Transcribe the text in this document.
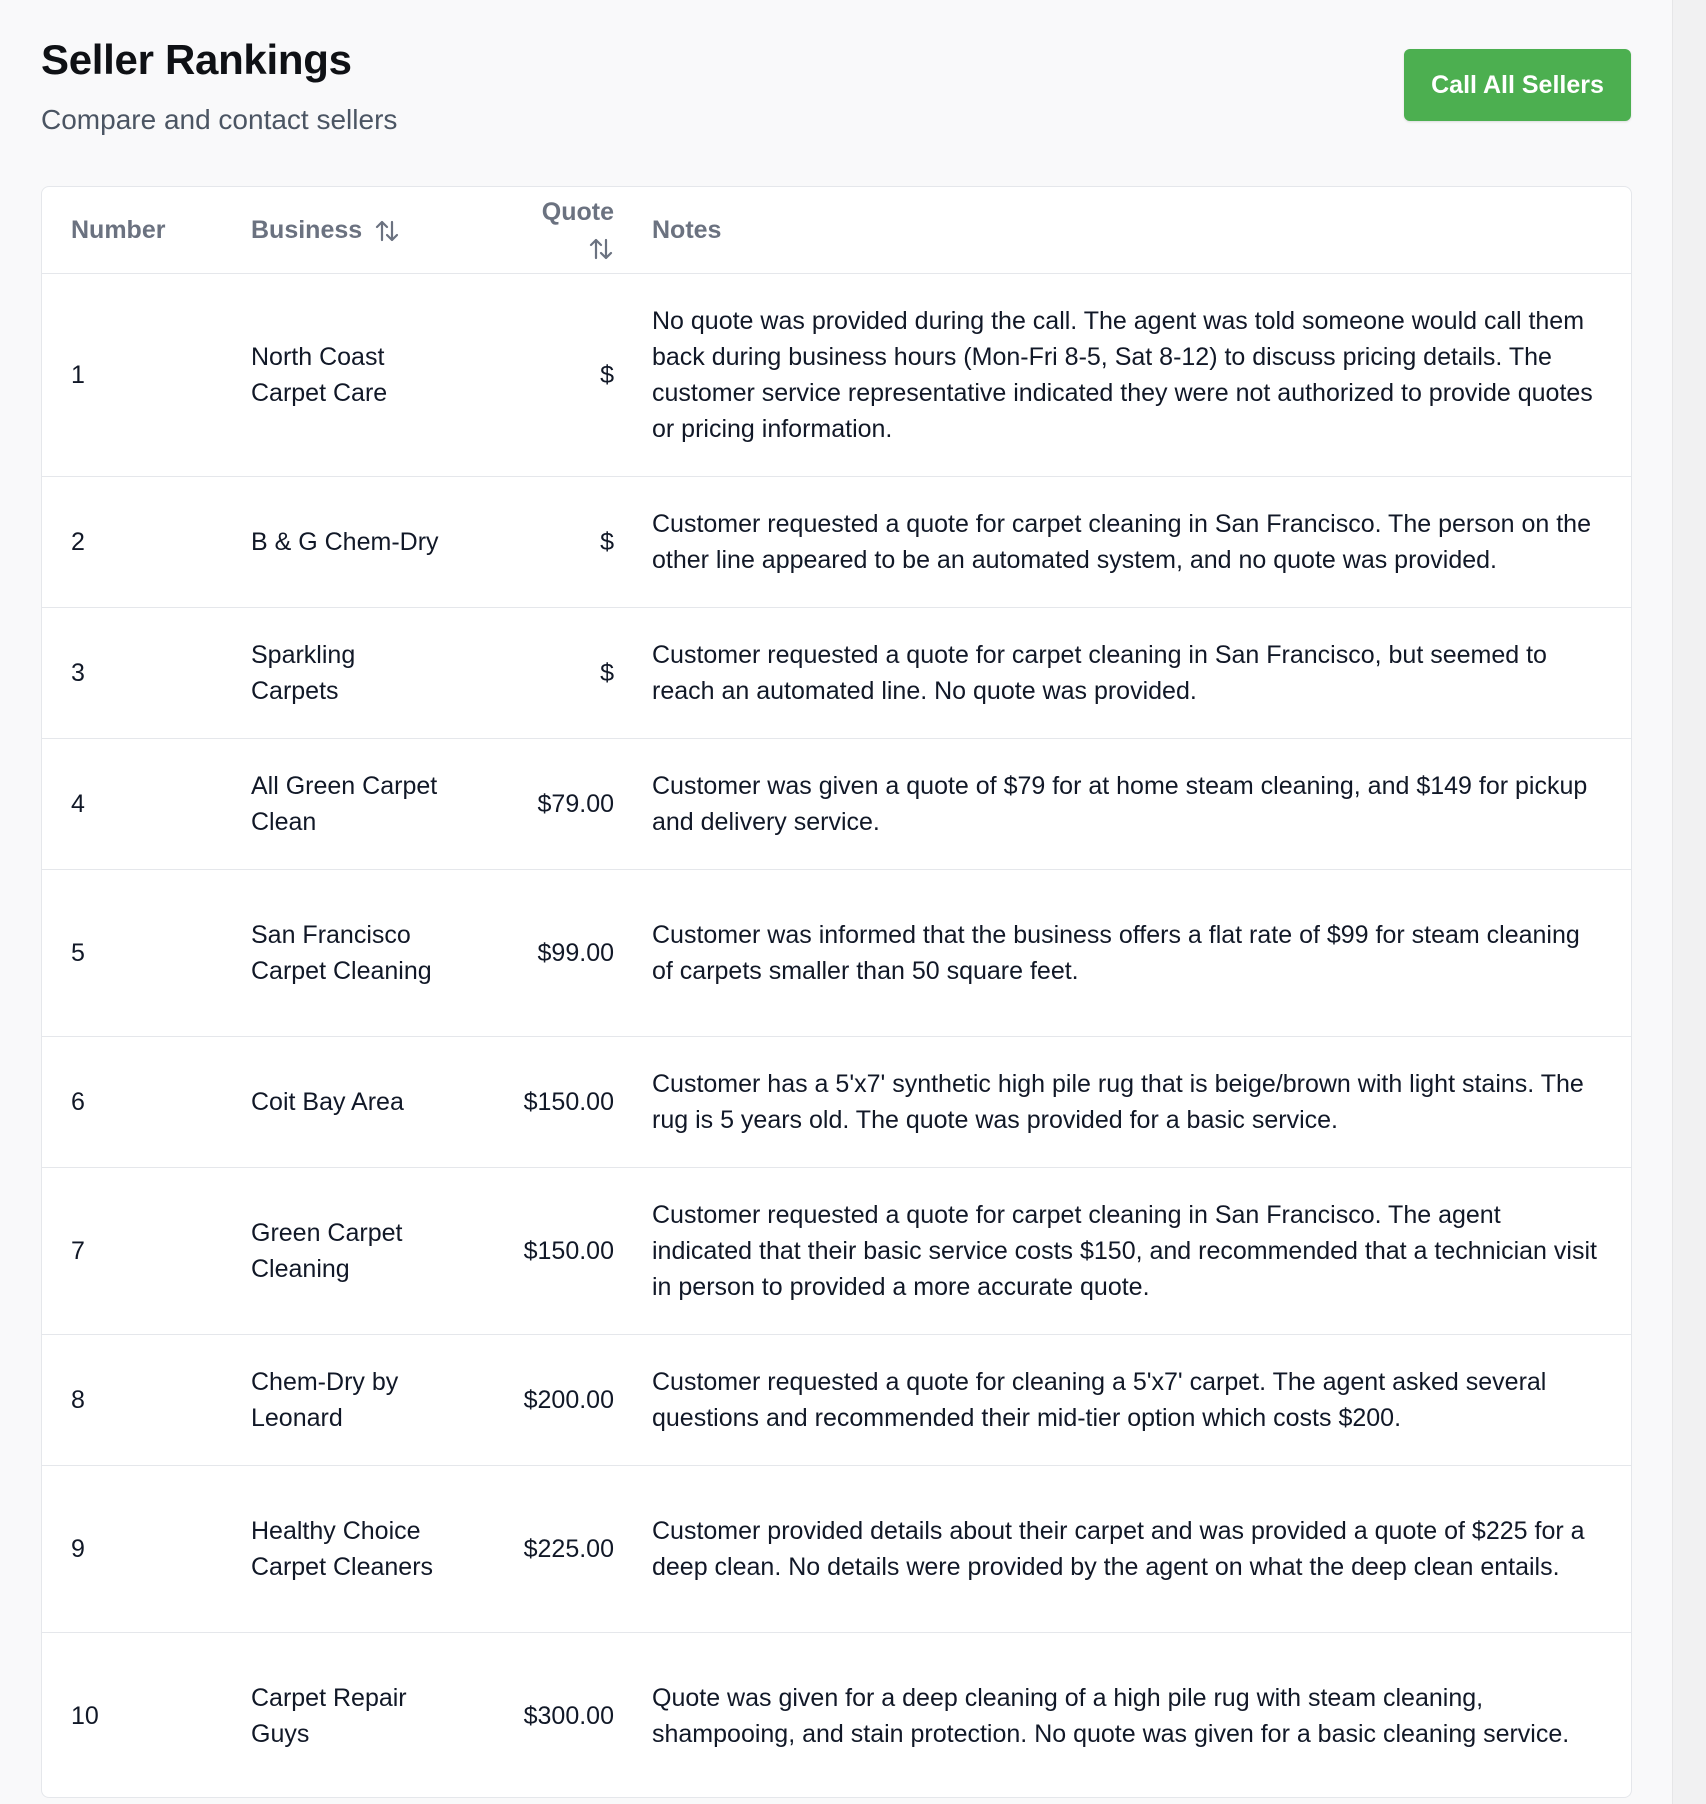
Seller Rankings

Compare and contact sellers

Call All Sellers
Number	Business	Quote	Notes
1	North Coast Carpet Care	$	No quote was provided during the call. The agent was told someone would call them back during business hours (Mon-Fri 8-5, Sat 8-12) to discuss pricing details. The customer service representative indicated they were not authorized to provide quotes or pricing information.
2	B & G Chem-Dry	$	Customer requested a quote for carpet cleaning in San Francisco. The person on the other line appeared to be an automated system, and no quote was provided.
3	Sparkling Carpets	$	Customer requested a quote for carpet cleaning in San Francisco, but seemed to reach an automated line. No quote was provided.
4	All Green Carpet Clean	$79.00	Customer was given a quote of $79 for at home steam cleaning, and $149 for pickup and delivery service.
5	San Francisco Carpet Cleaning	$99.00	Customer was informed that the business offers a flat rate of $99 for steam cleaning of carpets smaller than 50 square feet.
6	Coit Bay Area	$150.00	Customer has a 5'x7' synthetic high pile rug that is beige/brown with light stains. The rug is 5 years old. The quote was provided for a basic service.
7	Green Carpet Cleaning	$150.00	Customer requested a quote for carpet cleaning in San Francisco. The agent indicated that their basic service costs $150, and recommended that a technician visit in person to provided a more accurate quote.
8	Chem-Dry by Leonard	$200.00	Customer requested a quote for cleaning a 5'x7' carpet. The agent asked several questions and recommended their mid-tier option which costs $200.
9	Healthy Choice Carpet Cleaners	$225.00	Customer provided details about their carpet and was provided a quote of $225 for a deep clean. No details were provided by the agent on what the deep clean entails.
10	Carpet Repair Guys	$300.00	Quote was given for a deep cleaning of a high pile rug with steam cleaning, shampooing, and stain protection. No quote was given for a basic cleaning service.
